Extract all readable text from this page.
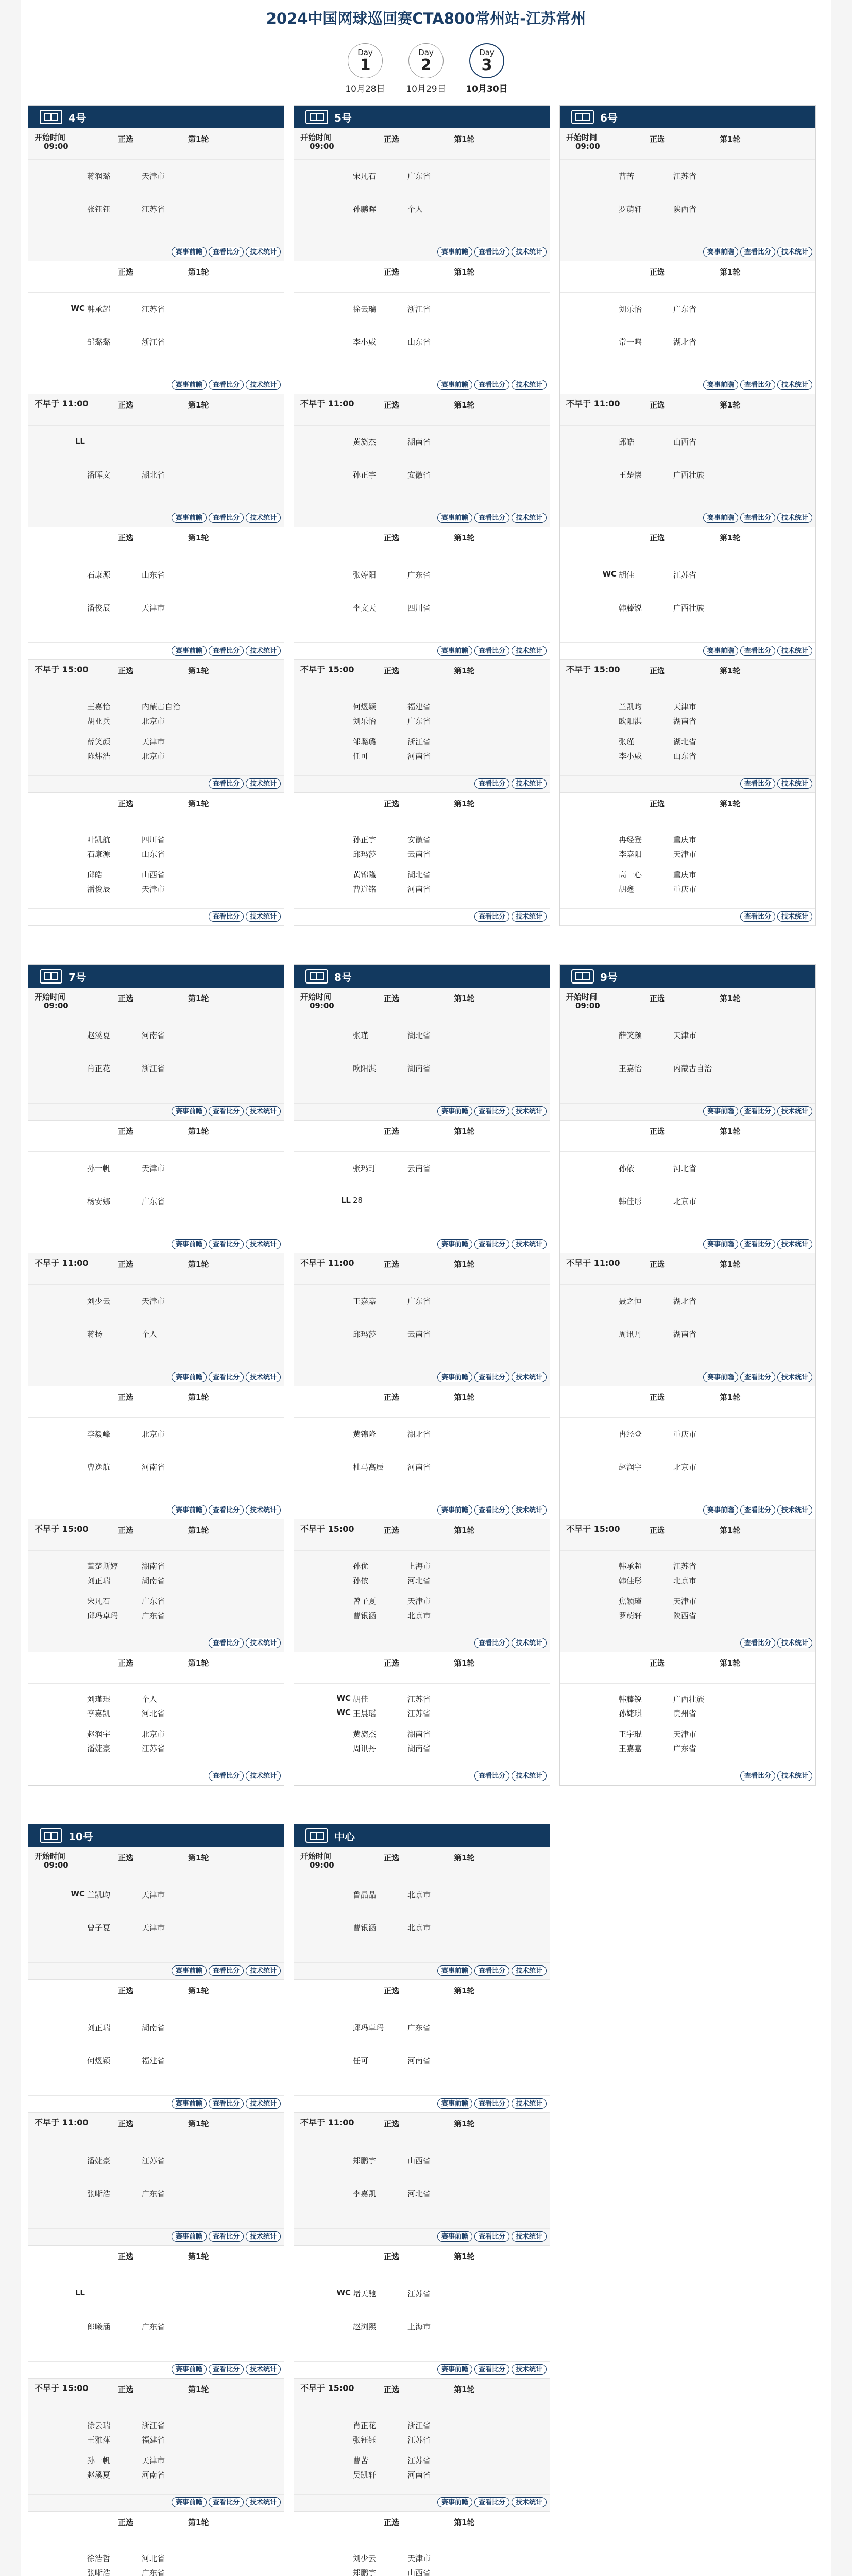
2024中国网球巡回赛CTA800常州站-江苏常州
Day
1
10月28日
Day
2
10月29日
Day
3
10月30日
4号
开始时间
09:00
正选	第1轮
蒋润璐	天津市
张钰钰	江苏省
赛事前瞻	查看比分	技术统计
正选	第1轮
WC 韩承超	江苏省
邹璐璐	浙江省
赛事前瞻	查看比分	技术统计
不早于 11:00	正选	第1轮
LL
潘晖文	湖北省
赛事前瞻	查看比分	技术统计
正选	第1轮
石康源	山东省
潘俊辰	天津市
赛事前瞻	查看比分	技术统计
不早于 15:00	正选	第1轮
王嘉怡	内蒙古自治
胡亚兵	北京市
薛笑颜	天津市
陈炜浩	北京市
查看比分	技术统计
正选	第1轮
叶凯航	四川省
石康源	山东省
邱皓	山西省
潘俊辰	天津市
查看比分	技术统计
5号
开始时间
09:00
正选	第1轮
宋凡石	广东省
孙鹏晖	个人
赛事前瞻	查看比分	技术统计
正选	第1轮
徐云瑞	浙江省
李小威	山东省
赛事前瞻	查看比分	技术统计
不早于 11:00	正选	第1轮
黄旖杰	湖南省
孙正宇	安徽省
赛事前瞻	查看比分	技术统计
正选	第1轮
张婷阳	广东省
李文天	四川省
赛事前瞻	查看比分	技术统计
不早于 15:00	正选	第1轮
何煜颖	福建省
刘乐怡	广东省
邹璐璐	浙江省
任可	河南省
查看比分	技术统计
正选	第1轮
孙正宇	安徽省
邱玛莎	云南省
黄锦隆	湖北省
曹道铭	河南省
查看比分	技术统计
6号
开始时间
09:00
正选	第1轮
曹苦	江苏省
罗萌轩	陕西省
赛事前瞻	查看比分	技术统计
正选	第1轮
刘乐怡	广东省
常一鸣	湖北省
赛事前瞻	查看比分	技术统计
不早于 11:00	正选	第1轮
邱皓	山西省
王楚懐	广西壮族
赛事前瞻	查看比分	技术统计
正选	第1轮
WC 胡佳	江苏省
韩藤锐	广西壮族
赛事前瞻	查看比分	技术统计
不早于 15:00	正选	第1轮
兰凯昀	天津市
欧阳淇	湖南省
张瑾	湖北省
李小威	山东省
查看比分	技术统计
正选	第1轮
冉经登	重庆市
李嘉阳	天津市
高一心	重庆市
胡鑫	重庆市
查看比分	技术统计
7号
开始时间
09:00
正选	第1轮
赵溪夏	河南省
肖正花	浙江省
赛事前瞻	查看比分	技术统计
正选	第1轮
孙一帆	天津市
杨安娜	广东省
赛事前瞻	查看比分	技术统计
不早于 11:00	正选	第1轮
刘少云	天津市
蒋扬	个人
赛事前瞻	查看比分	技术统计
正选	第1轮
李毅峰	北京市
曹逸航	河南省
赛事前瞻	查看比分	技术统计
不早于 15:00	正选	第1轮
董楚斯婷	湖南省
刘正瑞	湖南省
宋凡石	广东省
邱玛卓玛	广东省
查看比分	技术统计
正选	第1轮
刘瑾琨	个人
李嘉凯	河北省
赵润宇	北京市
潘婕豪	江苏省
查看比分	技术统计
8号
开始时间
09:00
正选	第1轮
张瑾	湖北省
欧阳淇	湖南省
赛事前瞻	查看比分	技术统计
正选	第1轮
张玛玎	云南省
LL 28
赛事前瞻	查看比分	技术统计
不早于 11:00	正选	第1轮
王嘉嘉	广东省
邱玛莎	云南省
赛事前瞻	查看比分	技术统计
正选	第1轮
黄锦隆	湖北省
杜马高辰	河南省
赛事前瞻	查看比分	技术统计
不早于 15:00	正选	第1轮
孙优	上海市
孙依	河北省
曾子夏	天津市
曹银涵	北京市
查看比分	技术统计
正选	第1轮
WC 胡佳	江苏省
WC 王晨瑶	江苏省
黄旖杰	湖南省
周讯丹	湖南省
查看比分	技术统计
9号
开始时间
09:00
正选	第1轮
薛笑颜	天津市
王嘉怡	内蒙古自治
赛事前瞻	查看比分	技术统计
正选	第1轮
孙依	河北省
韩佳彤	北京市
赛事前瞻	查看比分	技术统计
不早于 11:00	正选	第1轮
聂之恒	湖北省
周讯丹	湖南省
赛事前瞻	查看比分	技术统计
正选	第1轮
冉经登	重庆市
赵润宇	北京市
赛事前瞻	查看比分	技术统计
不早于 15:00	正选	第1轮
韩承超	江苏省
韩佳彤	北京市
焦颖瑾	天津市
罗萌轩	陕西省
查看比分	技术统计
正选	第1轮
韩藤锐	广西壮族
孙婕琪	贵州省
王宇琨	天津市
王嘉嘉	广东省
查看比分	技术统计
10号
开始时间
09:00
正选	第1轮
WC 兰凯昀	天津市
曾子夏	天津市
赛事前瞻	查看比分	技术统计
正选	第1轮
刘正瑞	湖南省
何煜颖	福建省
赛事前瞻	查看比分	技术统计
不早于 11:00	正选	第1轮
潘婕豪	江苏省
张晰浩	广东省
赛事前瞻	查看比分	技术统计
正选	第1轮
LL
郎曦涵	广东省
赛事前瞻	查看比分	技术统计
不早于 15:00	正选	第1轮
徐云瑞	浙江省
王雅萍	福建省
孙一帆	天津市
赵溪夏	河南省
赛事前瞻	查看比分	技术统计
正选	第1轮
徐浩哲	河北省
张晰浩	广东省
中心
开始时间
09:00
正选	第1轮
鲁晶晶	北京市
曹银涵	北京市
赛事前瞻	查看比分	技术统计
正选	第1轮
邱玛卓玛	广东省
任可	河南省
赛事前瞻	查看比分	技术统计
不早于 11:00	正选	第1轮
郑鹏宇	山西省
李嘉凯	河北省
赛事前瞻	查看比分	技术统计
正选	第1轮
WC 堵天驰	江苏省
赵浏熙	上海市
赛事前瞻	查看比分	技术统计
不早于 15:00	正选	第1轮
肖正花	浙江省
张钰钰	江苏省
曹苦	江苏省
吴凯轩	河南省
赛事前瞻	查看比分	技术统计
正选	第1轮
刘少云	天津市
郑鹏宇	山西省
